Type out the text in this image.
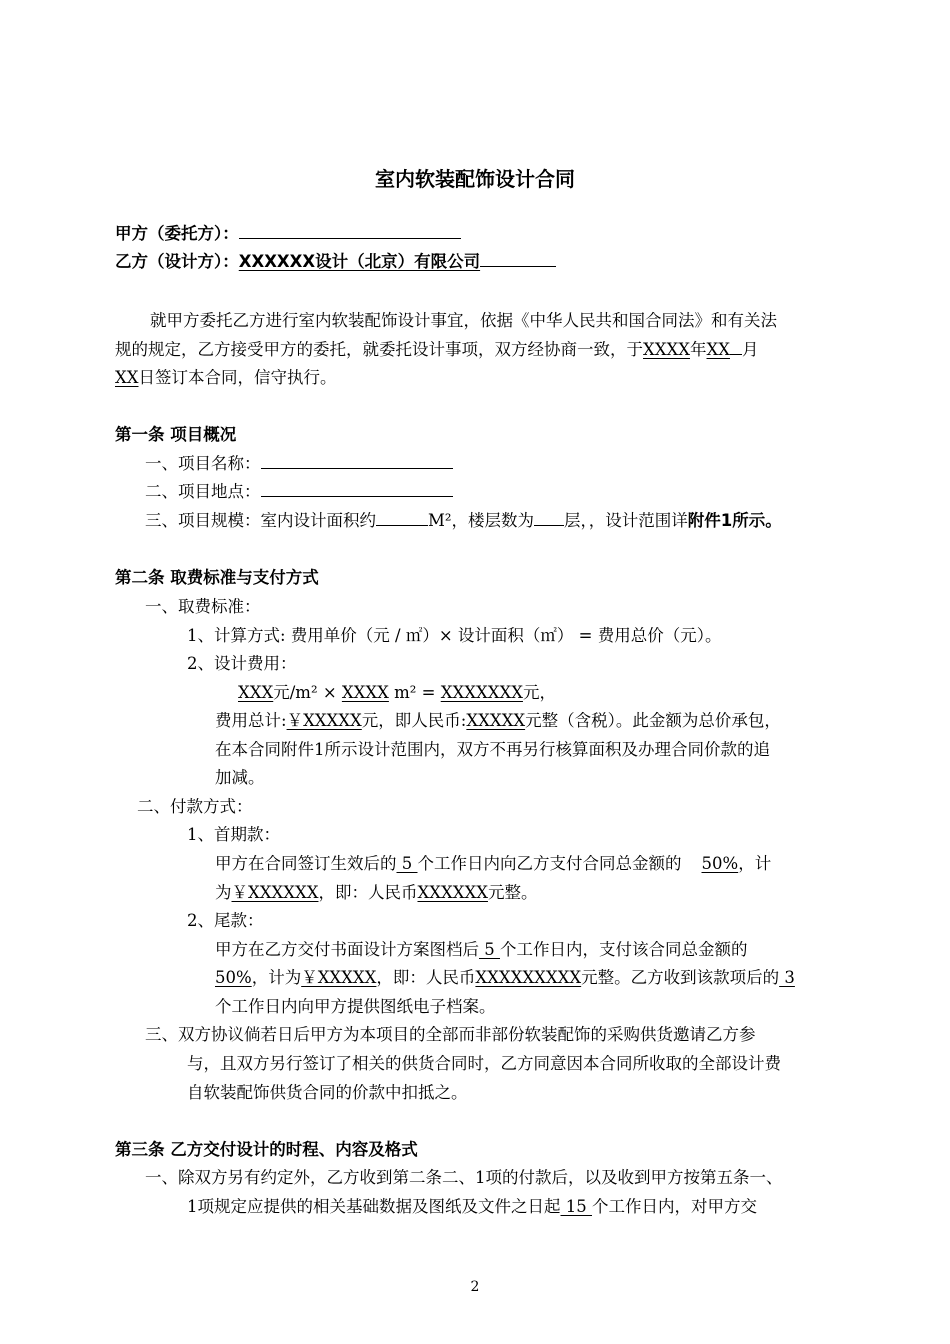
室内软装配饰设计合同
甲方（委托方）：
乙方（设计方）：XXXXXX设计（北京）有限公司
就甲方委托乙方进行室内软装配饰设计事宜，依据《中华人民共和国合同法》和有关法
规的规定，乙方接受甲方的委托，就委托设计事项，双方经协商一致，于XXXX年XX 月
XX日签订本合同，信守执行。
第一条 项目概况
一、项目名称：
二、项目地点：
三、项目规模：室内设计面积约	M²，楼层数为 层，，设计范围详附件1所示。
第二条 取费标准与支付方式
一、取费标准：
1、计算方式: 费用单价（元 / ㎡）× 设计面积（㎡） = 费用总价（元）。
2、设计费用：
XXX元/m² × XXXX m² = XXXXXXX元，
费用总计:￥XXXXX元，即人民币:XXXXX元整（含税）。此金额为总价承包，
在本合同附件1所示设计范围内，双方不再另行核算面积及办理合同价款的追
加减。
二、付款方式：
1、首期款：
甲方在合同签订生效后的 5 个工作日内向乙方支付合同总金额的 50%，计
为￥XXXXXX，即：人民币XXXXXX元整。
2、尾款：
甲方在乙方交付书面设计方案图档后 5 个工作日内，支付该合同总金额的
50%，计为￥XXXXX，即：人民币XXXXXXXXX元整。乙方收到该款项后的 3
个工作日内向甲方提供图纸电子档案。
三、双方协议倘若日后甲方为本项目的全部而非部份软装配饰的采购供货邀请乙方参
与，且双方另行签订了相关的供货合同时，乙方同意因本合同所收取的全部设计费
自软装配饰供货合同的价款中扣抵之。
第三条 乙方交付设计的时程、内容及格式
一、除双方另有约定外，乙方收到第二条二、1项的付款后，以及收到甲方按第五条一、
1项规定应提供的相关基础数据及图纸及文件之日起 15 个工作日内，对甲方交
2
